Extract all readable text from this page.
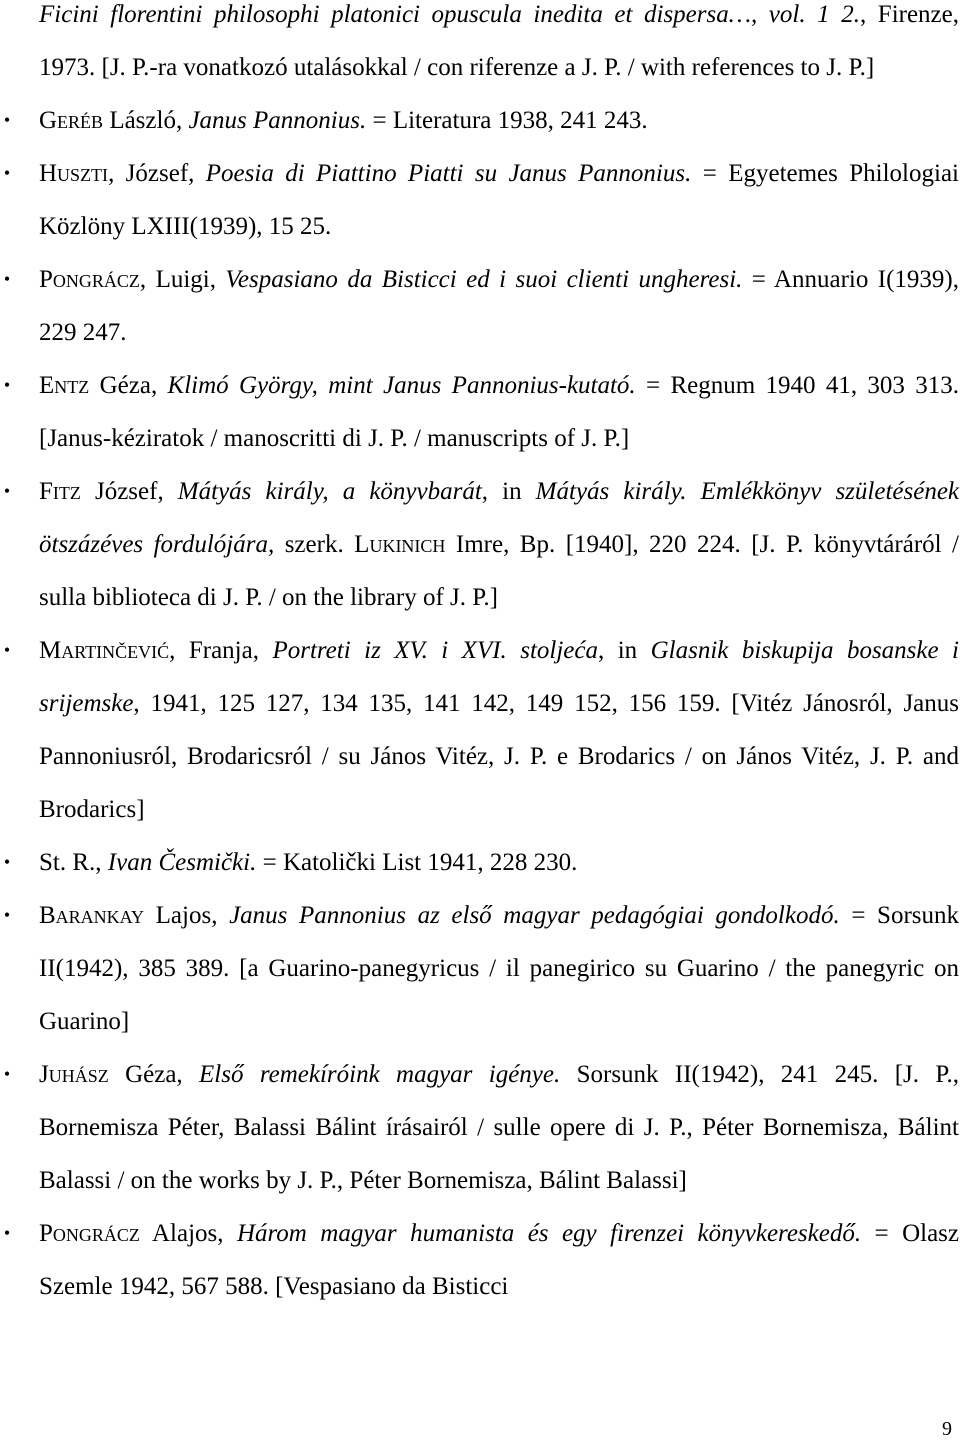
Ficini florentini philosophi platonici opuscula inedita et dispersa…, vol. 1 2., Firenze, 1973. [J. P.-ra vonatkozó utalásokkal / con riferenze a J. P. / with references to J. P.]
• Geréb László, Janus Pannonius. = Literatura 1938, 241 243.
• Huszti, József, Poesia di Piattino Piatti su Janus Pannonius. = Egyetemes Philologiai Közlöny LXIII(1939), 15 25.
• Pongrácz, Luigi, Vespasiano da Bisticci ed i suoi clienti ungheresi. = Annuario I(1939), 229 247.
• Entz Géza, Klimó György, mint Janus Pannonius-kutató. = Regnum 1940 41, 303 313. [Janus-kéziratok / manoscritti di J. P. / manuscripts of J. P.]
• Fitz József, Mátyás király, a könyvbarát, in Mátyás király. Emlékkönyv születésének ötszázéves fordulójára, szerk. Lukinich Imre, Bp. [1940], 220 224. [J. P. könyvtáráról / sulla biblioteca di J. P. / on the library of J. P.]
• Martinčević, Franja, Portreti iz XV. i XVI. stoljeća, in Glasnik biskupija bosanske i srijemske, 1941, 125 127, 134 135, 141 142, 149 152, 156 159. [Vitéz Jánosról, Janus Pannoniusról, Brodaricsról / su János Vitéz, J. P. e Brodarics / on János Vitéz, J. P. and Brodarics]
• St. R., Ivan Česmički. = Katolički List 1941, 228 230.
• Barankay Lajos, Janus Pannonius az első magyar pedagógiai gondolkodó. = Sorsunk II(1942), 385 389. [a Guarino-panegyricus / il panegirico su Guarino / the panegyric on Guarino]
• Juhász Géza, Első remekíróink magyar igénye. Sorsunk II(1942), 241 245. [J. P., Bornemisza Péter, Balassi Bálint írásairól / sulle opere di J. P., Péter Bornemisza, Bálint Balassi / on the works by J. P., Péter Bornemisza, Bálint Balassi]
• Pongrácz Alajos, Három magyar humanista és egy firenzei könyvkereskedő. = Olasz Szemle 1942, 567 588. [Vespasiano da Bisticci
9
